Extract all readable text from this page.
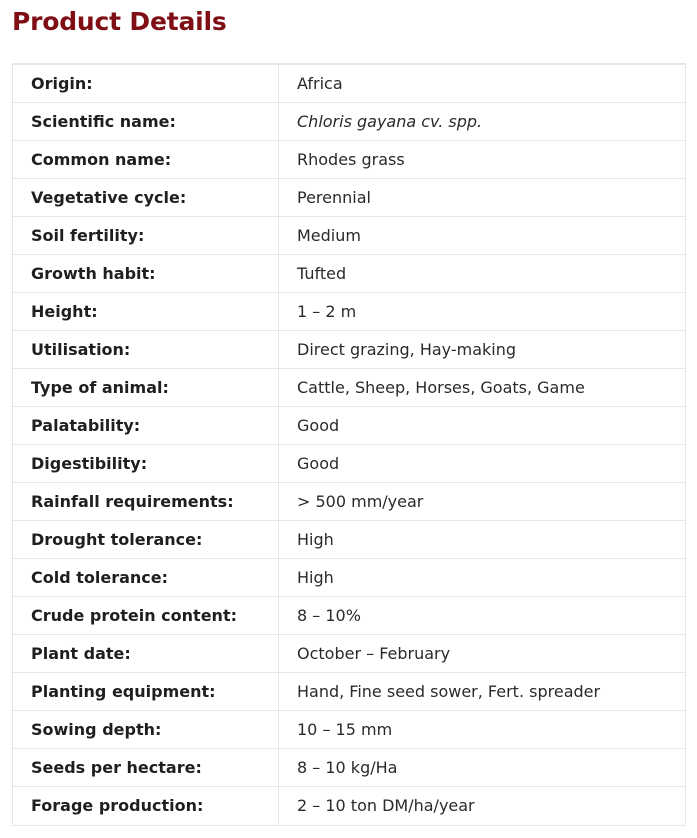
Product Details
Origin:	Africa
Scientific name:	Chloris gayana cv. spp.
Common name:	Rhodes grass
Vegetative cycle:	Perennial
Soil fertility:	Medium
Growth habit:	Tufted
Height:	1 – 2 m
Utilisation:	Direct grazing, Hay-making
Type of animal:	Cattle, Sheep, Horses, Goats, Game
Palatability:	Good
Digestibility:	Good
Rainfall requirements:	> 500 mm/year
Drought tolerance:	High
Cold tolerance:	High
Crude protein content:	8 – 10%
Plant date:	October – February
Planting equipment:	Hand, Fine seed sower, Fert. spreader
Sowing depth:	10 – 15 mm
Seeds per hectare:	8 – 10 kg/Ha
Forage production:	2 – 10 ton DM/ha/year
